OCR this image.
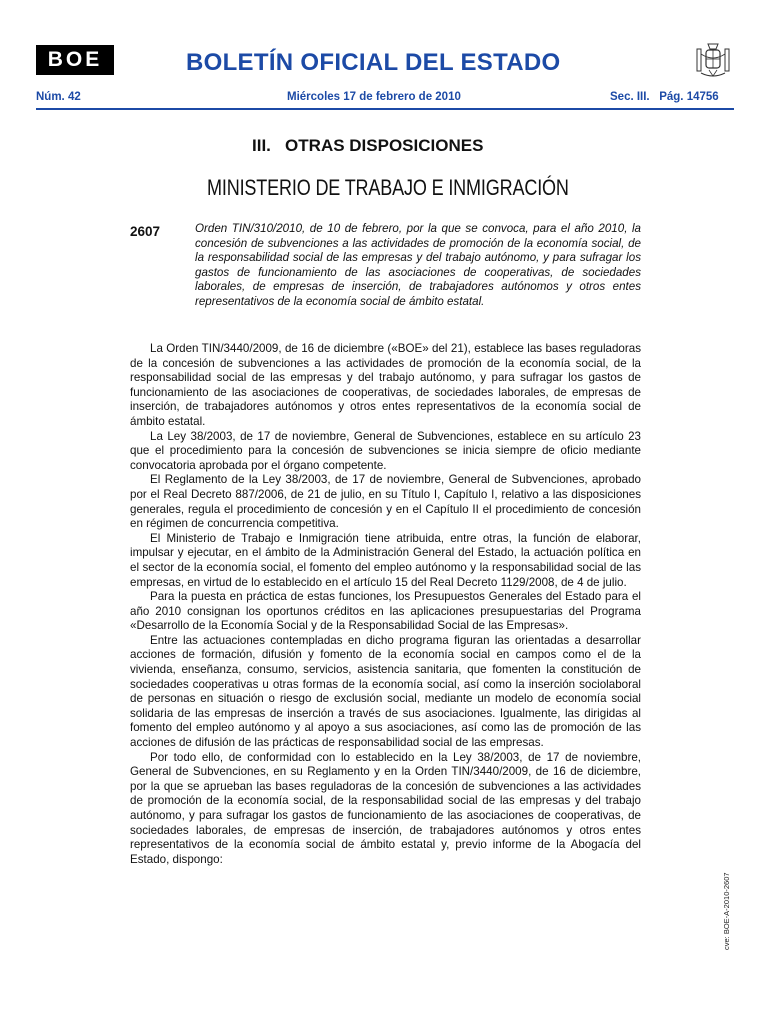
BOE	BOLETÍN OFICIAL DEL ESTADO
Núm. 42	Miércoles 17 de febrero de 2010	Sec. III.   Pág. 14756
III.   OTRAS DISPOSICIONES
MINISTERIO DE TRABAJO E INMIGRACIÓN
2607	Orden TIN/310/2010, de 10 de febrero, por la que se convoca, para el año 2010, la concesión de subvenciones a las actividades de promoción de la economía social, de la responsabilidad social de las empresas y del trabajo autónomo, y para sufragar los gastos de funcionamiento de las asociaciones de cooperativas, de sociedades laborales, de empresas de inserción, de trabajadores autónomos y otros entes representativos de la economía social de ámbito estatal.

La Orden TIN/3440/2009, de 16 de diciembre («BOE» del 21), establece las bases reguladoras de la concesión de subvenciones a las actividades de promoción de la economía social, de la responsabilidad social de las empresas y del trabajo autónomo, y para sufragar los gastos de funcionamiento de las asociaciones de cooperativas, de sociedades laborales, de empresas de inserción, de trabajadores autónomos y otros entes representativos de la economía social de ámbito estatal.

La Ley 38/2003, de 17 de noviembre, General de Subvenciones, establece en su artículo 23 que el procedimiento para la concesión de subvenciones se inicia siempre de oficio mediante convocatoria aprobada por el órgano competente.

El Reglamento de la Ley 38/2003, de 17 de noviembre, General de Subvenciones, aprobado por el Real Decreto 887/2006, de 21 de julio, en su Título I, Capítulo I, relativo a las disposiciones generales, regula el procedimiento de concesión y en el Capítulo II el procedimiento de concesión en régimen de concurrencia competitiva.

El Ministerio de Trabajo e Inmigración tiene atribuida, entre otras, la función de elaborar, impulsar y ejecutar, en el ámbito de la Administración General del Estado, la actuación política en el sector de la economía social, el fomento del empleo autónomo y la responsabilidad social de las empresas, en virtud de lo establecido en el artículo 15 del Real Decreto 1129/2008, de 4 de julio.

Para la puesta en práctica de estas funciones, los Presupuestos Generales del Estado para el año 2010 consignan los oportunos créditos en las aplicaciones presupuestarias del Programa «Desarrollo de la Economía Social y de la Responsabilidad Social de las Empresas».

Entre las actuaciones contempladas en dicho programa figuran las orientadas a desarrollar acciones de formación, difusión y fomento de la economía social en campos como el de la vivienda, enseñanza, consumo, servicios, asistencia sanitaria, que fomenten la constitución de sociedades cooperativas u otras formas de la economía social, así como la inserción sociolaboral de personas en situación o riesgo de exclusión social, mediante un modelo de economía social solidaria de las empresas de inserción a través de sus asociaciones. Igualmente, las dirigidas al fomento del empleo autónomo y al apoyo a sus asociaciones, así como las de promoción de las acciones de difusión de las prácticas de responsabilidad social de las empresas.

Por todo ello, de conformidad con lo establecido en la Ley 38/2003, de 17 de noviembre, General de Subvenciones, en su Reglamento y en la Orden TIN/3440/2009, de 16 de diciembre, por la que se aprueban las bases reguladoras de la concesión de subvenciones a las actividades de promoción de la economía social, de la responsabilidad social de las empresas y del trabajo autónomo, y para sufragar los gastos de funcionamiento de las asociaciones de cooperativas, de sociedades laborales, de empresas de inserción, de trabajadores autónomos y otros entes representativos de la economía social de ámbito estatal y, previo informe de la Abogacía del Estado, dispongo:

cve: BOE-A-2010-2607
